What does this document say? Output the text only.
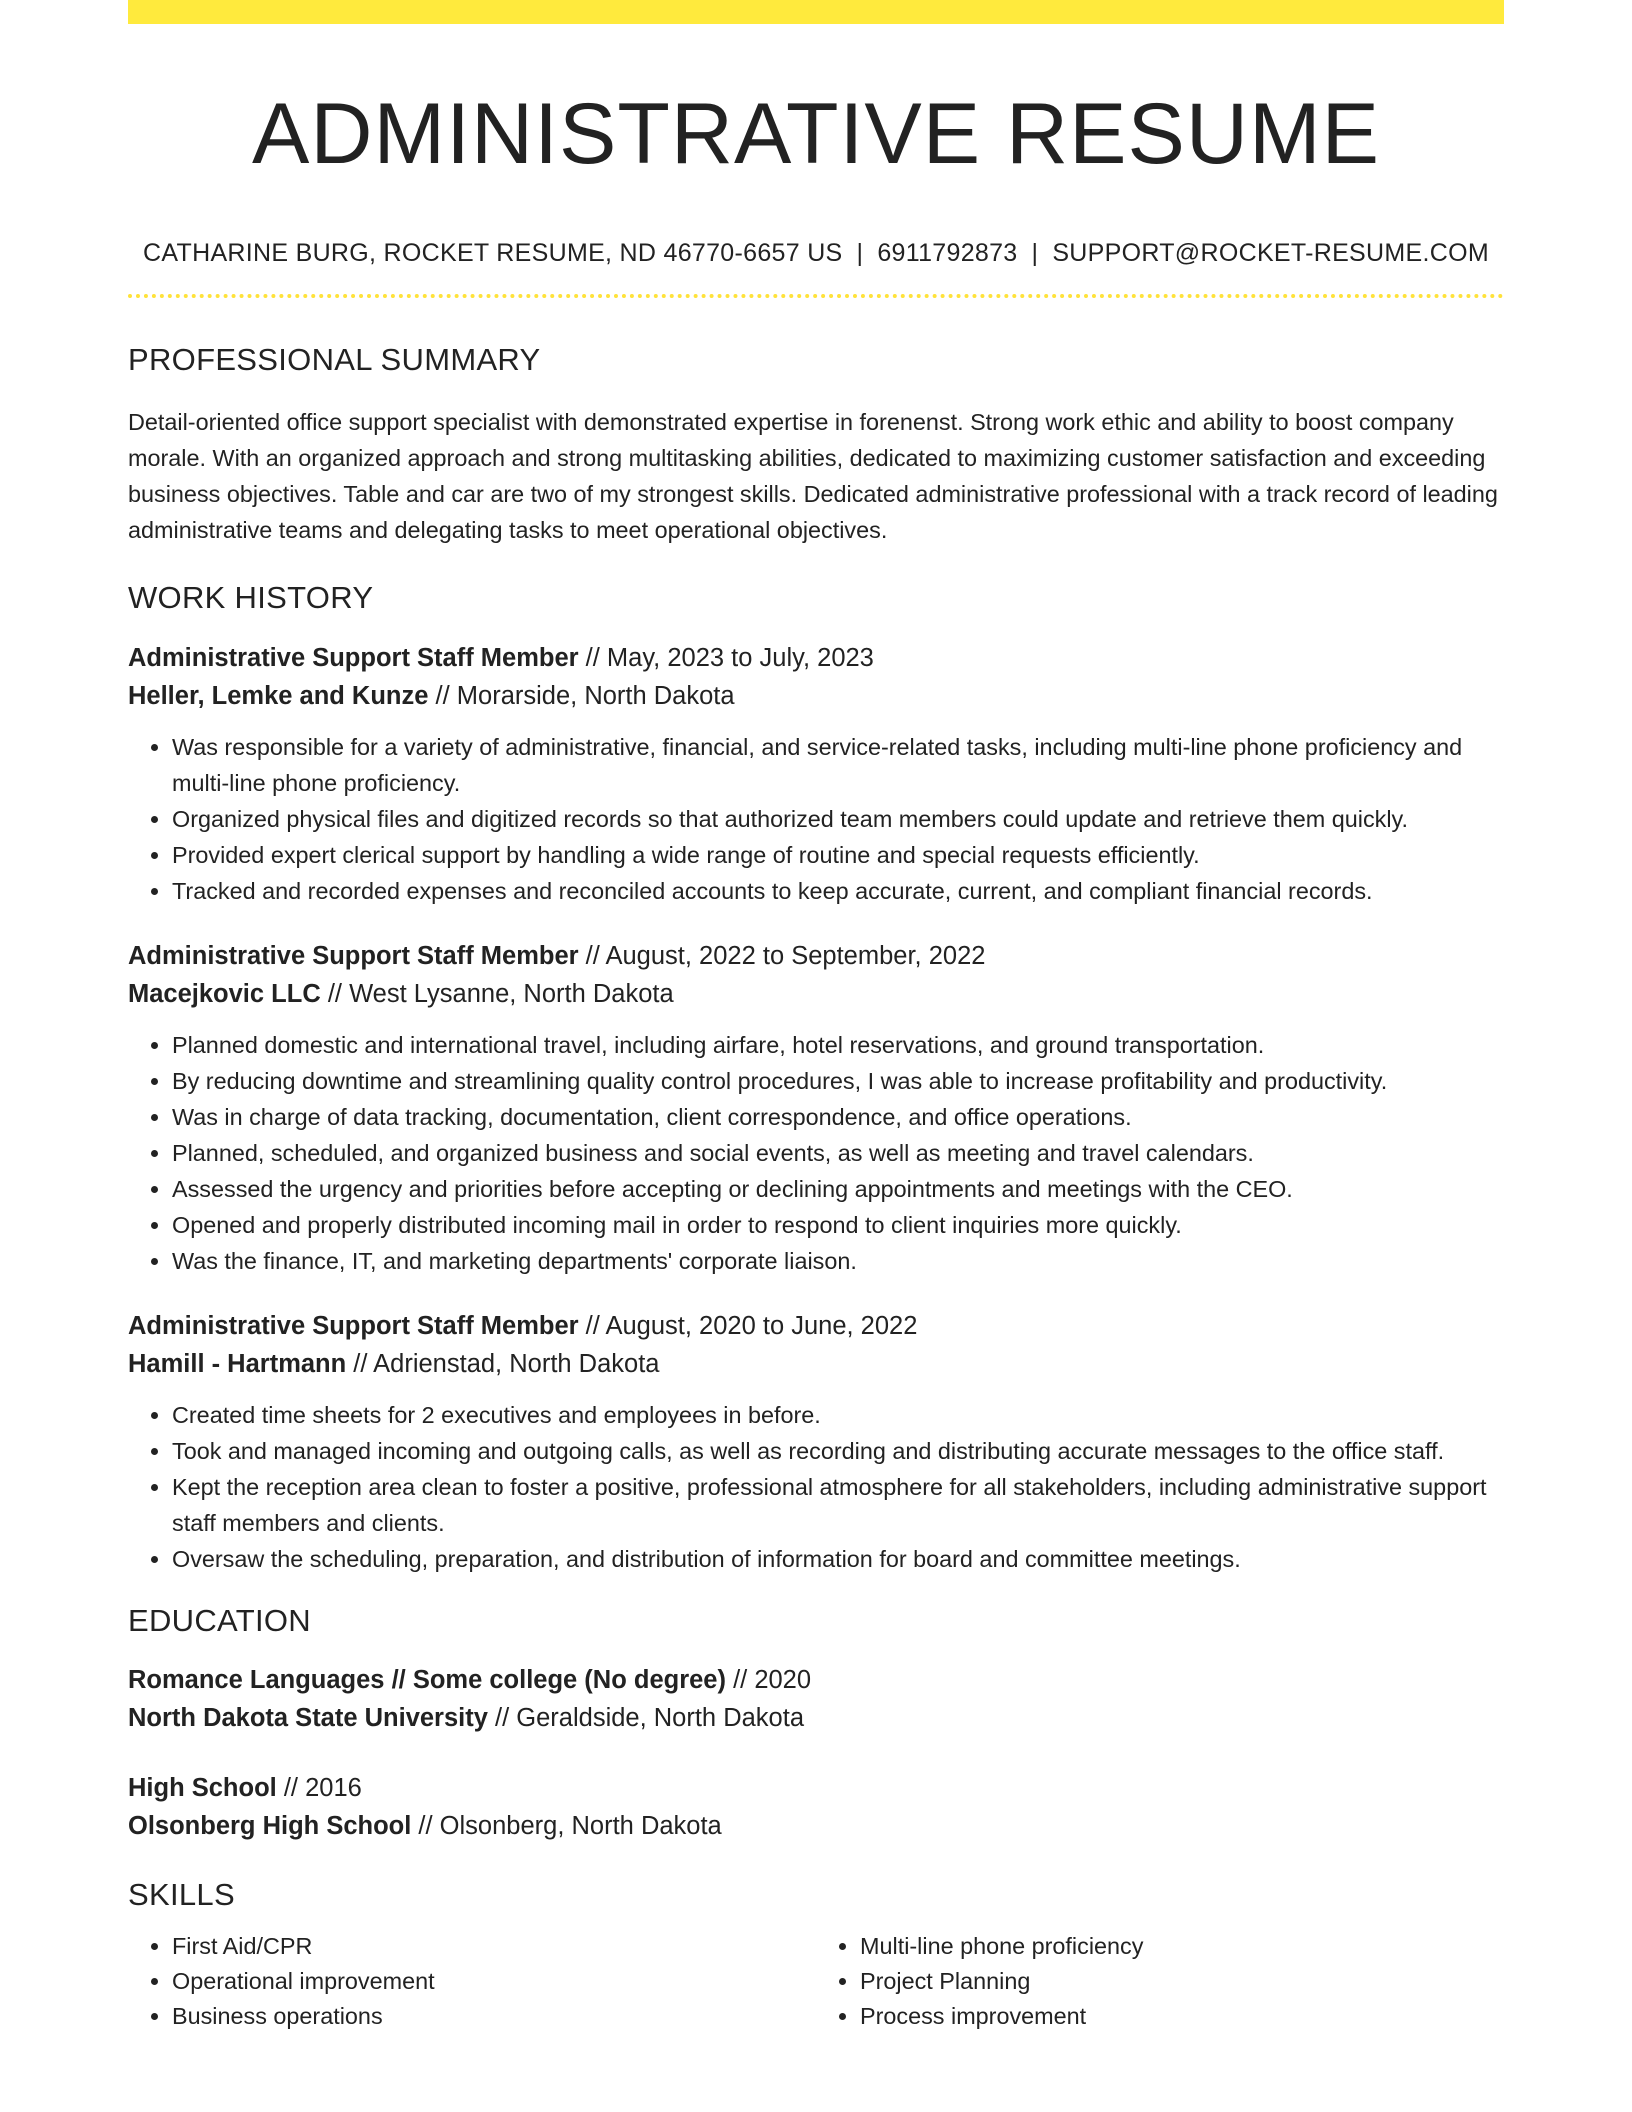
ADMINISTRATIVE RESUME
CATHARINE BURG, ROCKET RESUME, ND 46770-6657 US | 6911792873 | SUPPORT@ROCKET-RESUME.COM
PROFESSIONAL SUMMARY

Detail-oriented office support specialist with demonstrated expertise in forenenst. Strong work ethic and ability to boost company morale. With an organized approach and strong multitasking abilities, dedicated to maximizing customer satisfaction and exceeding business objectives. Table and car are two of my strongest skills. Dedicated administrative professional with a track record of leading administrative teams and delegating tasks to meet operational objectives.

WORK HISTORY
Administrative Support Staff Member // May, 2023 to July, 2023
Heller, Lemke and Kunze // Morarside, North Dakota
• Was responsible for a variety of administrative, financial, and service-related tasks, including multi-line phone proficiency and multi-line phone proficiency.
• Organized physical files and digitized records so that authorized team members could update and retrieve them quickly.
• Provided expert clerical support by handling a wide range of routine and special requests efficiently.
• Tracked and recorded expenses and reconciled accounts to keep accurate, current, and compliant financial records.
Administrative Support Staff Member // August, 2022 to September, 2022
Macejkovic LLC // West Lysanne, North Dakota
• Planned domestic and international travel, including airfare, hotel reservations, and ground transportation.
• By reducing downtime and streamlining quality control procedures, I was able to increase profitability and productivity.
• Was in charge of data tracking, documentation, client correspondence, and office operations.
• Planned, scheduled, and organized business and social events, as well as meeting and travel calendars.
• Assessed the urgency and priorities before accepting or declining appointments and meetings with the CEO.
• Opened and properly distributed incoming mail in order to respond to client inquiries more quickly.
• Was the finance, IT, and marketing departments' corporate liaison.
Administrative Support Staff Member // August, 2020 to June, 2022
Hamill - Hartmann // Adrienstad, North Dakota
• Created time sheets for 2 executives and employees in before.
• Took and managed incoming and outgoing calls, as well as recording and distributing accurate messages to the office staff.
• Kept the reception area clean to foster a positive, professional atmosphere for all stakeholders, including administrative support staff members and clients.
• Oversaw the scheduling, preparation, and distribution of information for board and committee meetings.
EDUCATION
Romance Languages // Some college (No degree) // 2020
North Dakota State University // Geraldside, North Dakota
High School // 2016
Olsonberg High School // Olsonberg, North Dakota
SKILLS
• First Aid/CPR
• Operational improvement
• Business operations
• Multi-line phone proficiency
• Project Planning
• Process improvement
